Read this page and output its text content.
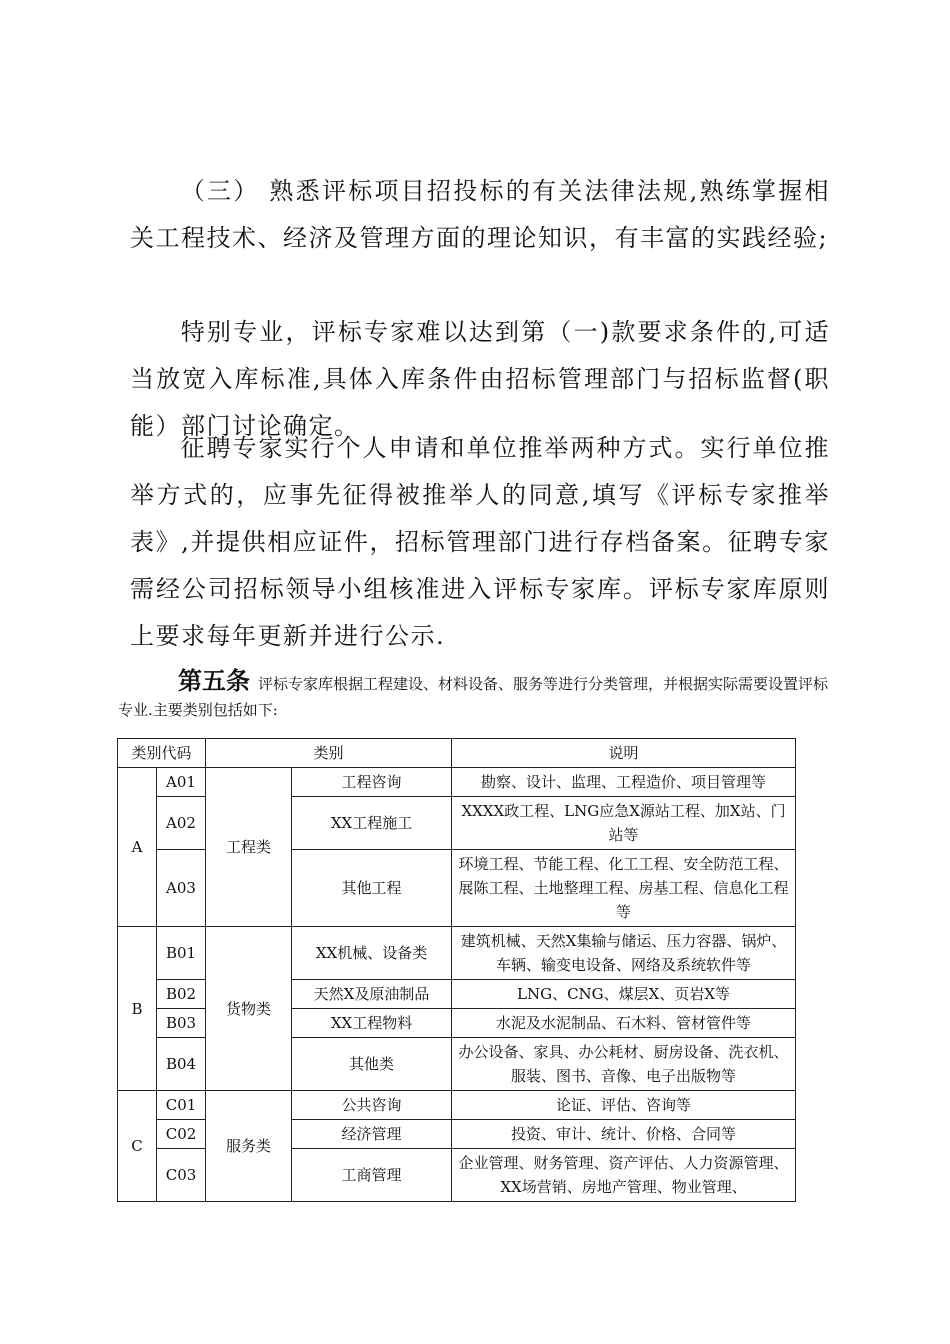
（三） 熟悉评标项目招投标的有关法律法规,熟练掌握相关工程技术、经济及管理方面的理论知识，有丰富的实践经验;

特别专业，评标专家难以达到第（一)款要求条件的,可适当放宽入库标准,具体入库条件由招标管理部门与招标监督(职能）部门讨论确定。

征聘专家实行个人申请和单位推举两种方式。实行单位推举方式的，应事先征得被推举人的同意,填写《评标专家推举表》,并提供相应证件，招标管理部门进行存档备案。征聘专家需经公司招标领导小组核准进入评标专家库。评标专家库原则上要求每年更新并进行公示.

第五条 评标专家库根据工程建设、材料设备、服务等进行分类管理，并根据实际需要设置评标专业.主要类别包括如下:

类别代码		类别		说明
A	A01	工程类	工程咨询	勘察、设计、监理、工程造价、项目管理等
	A02		XX工程施工	XXXX政工程、LNG应急X源站工程、加X站、门站等
	A03		其他工程	环境工程、节能工程、化工工程、安全防范工程、展陈工程、土地整理工程、房基工程、信息化工程等
B	B01	货物类	XX机械、设备类	建筑机械、天然X集输与储运、压力容器、锅炉、车辆、输变电设备、网络及系统软件等
	B02		天然X及原油制品	LNG、CNG、煤层X、页岩X等
	B03		XX工程物料	水泥及水泥制品、石木料、管材管件等
	B04		其他类	办公设备、家具、办公耗材、厨房设备、洗衣机、服装、图书、音像、电子出版物等
C	C01	服务类	公共咨询	论证、评估、咨询等
	C02		经济管理	投资、审计、统计、价格、合同等
	C03		工商管理	企业管理、财务管理、资产评估、人力资源管理、XX场营销、房地产管理、物业管理、
